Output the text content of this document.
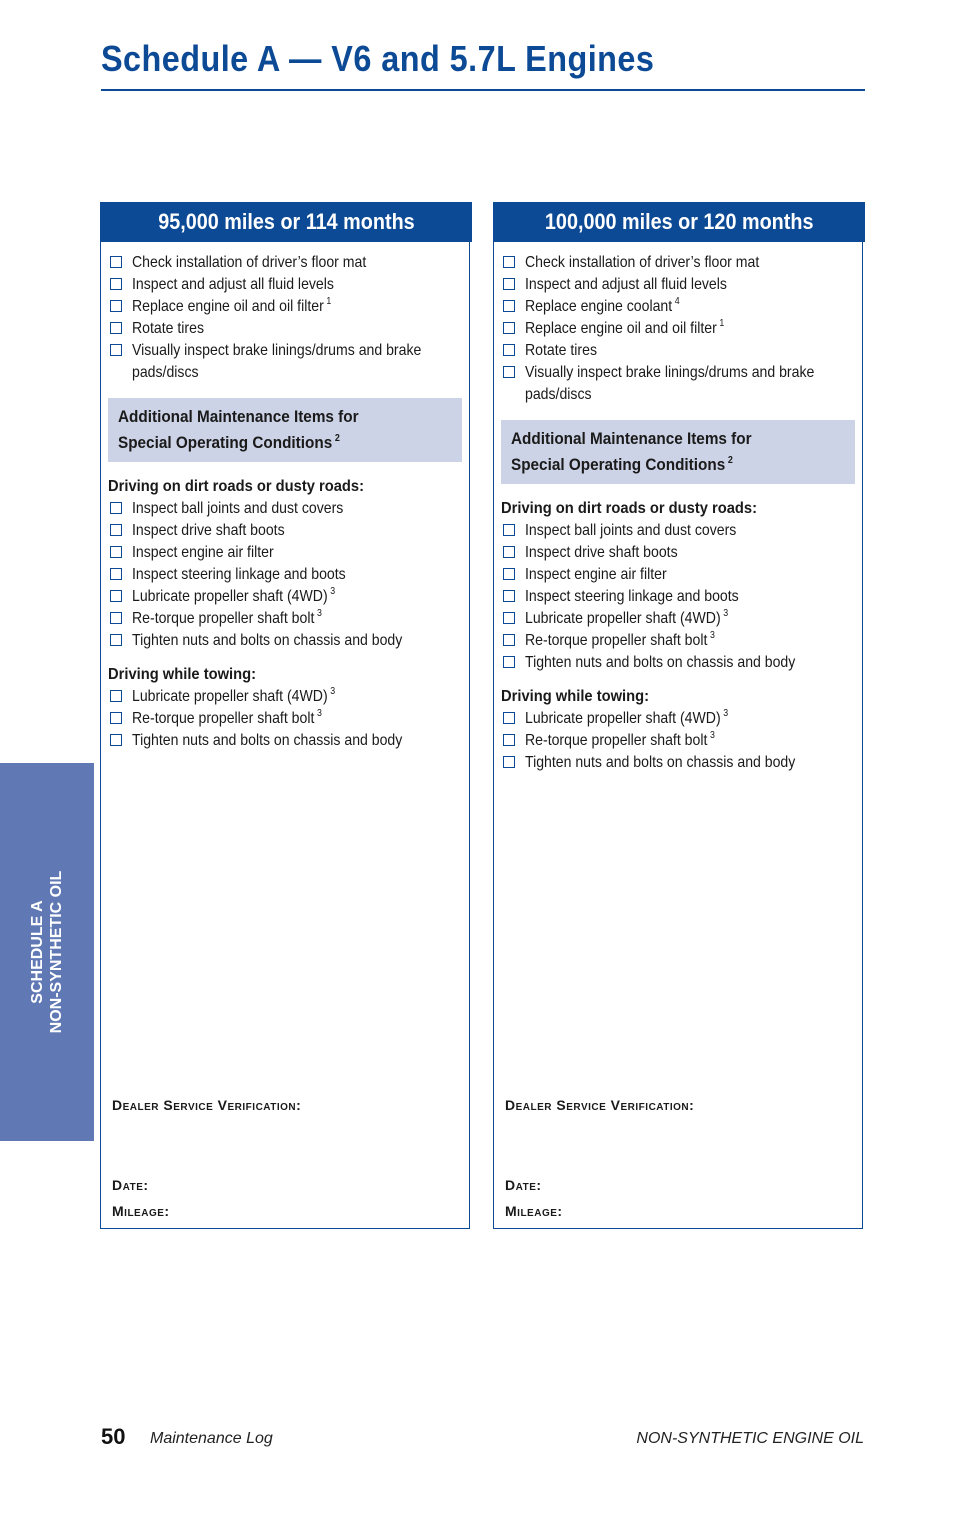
Schedule A — V6 and 5.7L Engines
SCHEDULE A NON-SYNTHETIC OIL
95,000 miles or 114 months
Check installation of driver’s floor mat
Inspect and adjust all fluid levels
Replace engine oil and oil filter $^1$
Rotate tires
Visually inspect brake linings/drums and brake pads/discs
Additional Maintenance Items for
Special Operating Conditions $^2$
Driving on dirt roads or dusty roads:
Inspect ball joints and dust covers
Inspect drive shaft boots
Inspect engine air filter
Inspect steering linkage and boots
Lubricate propeller shaft (4WD) $^3$
Re-torque propeller shaft bolt $^3$
Tighten nuts and bolts on chassis and body
Driving while towing:
Lubricate propeller shaft (4WD) $^3$
Re-torque propeller shaft bolt $^3$
Tighten nuts and bolts on chassis and body
Dealer Service Verification:
Date:
Mileage:
100,000 miles or 120 months
Check installation of driver’s floor mat
Inspect and adjust all fluid levels
Replace engine coolant $^4$
Replace engine oil and oil filter $^1$
Rotate tires
Visually inspect brake linings/drums and brake pads/discs
Additional Maintenance Items for
Special Operating Conditions $^2$
Driving on dirt roads or dusty roads:
Inspect ball joints and dust covers
Inspect drive shaft boots
Inspect engine air filter
Inspect steering linkage and boots
Lubricate propeller shaft (4WD) $^3$
Re-torque propeller shaft bolt $^3$
Tighten nuts and bolts on chassis and body
Driving while towing:
Lubricate propeller shaft (4WD) $^3$
Re-torque propeller shaft bolt $^3$
Tighten nuts and bolts on chassis and body
Dealer Service Verification:
Date:
Mileage:
50 Maintenance Log	NON-SYNTHETIC ENGINE OIL
